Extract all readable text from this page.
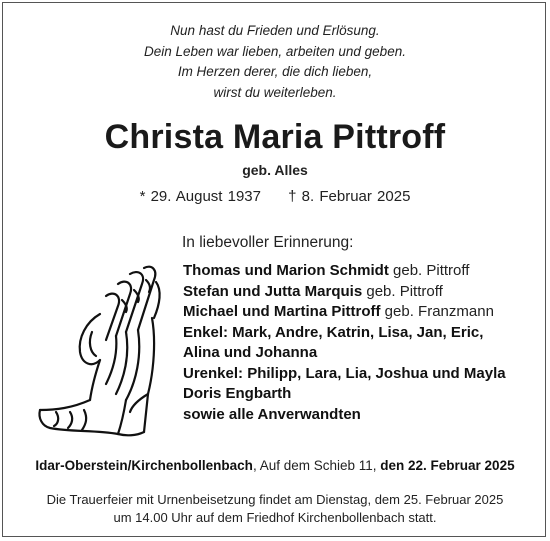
Nun hast du Frieden und Erlösung.
Dein Leben war lieben, arbeiten und geben.
Im Herzen derer, die dich lieben,
wirst du weiterleben.
Christa Maria Pittroff
geb. Alles
* 29. August 1937 † 8. Februar 2025
In liebevoller Erinnerung:
Thomas und Marion Schmidt geb. Pittroff
Stefan und Jutta Marquis geb. Pittroff
Michael und Martina Pittroff geb. Franzmann
Enkel: Mark, Andre, Katrin, Lisa, Jan, Eric,
Alina und Johanna
Urenkel: Philipp, Lara, Lia, Joshua und Mayla
Doris Engbarth
sowie alle Anverwandten
Idar-Oberstein/Kirchenbollenbach, Auf dem Schieb 11, den 22. Februar 2025
Die Trauerfeier mit Urnenbeisetzung findet am Dienstag, dem 25. Februar 2025
um 14.00 Uhr auf dem Friedhof Kirchenbollenbach statt.
